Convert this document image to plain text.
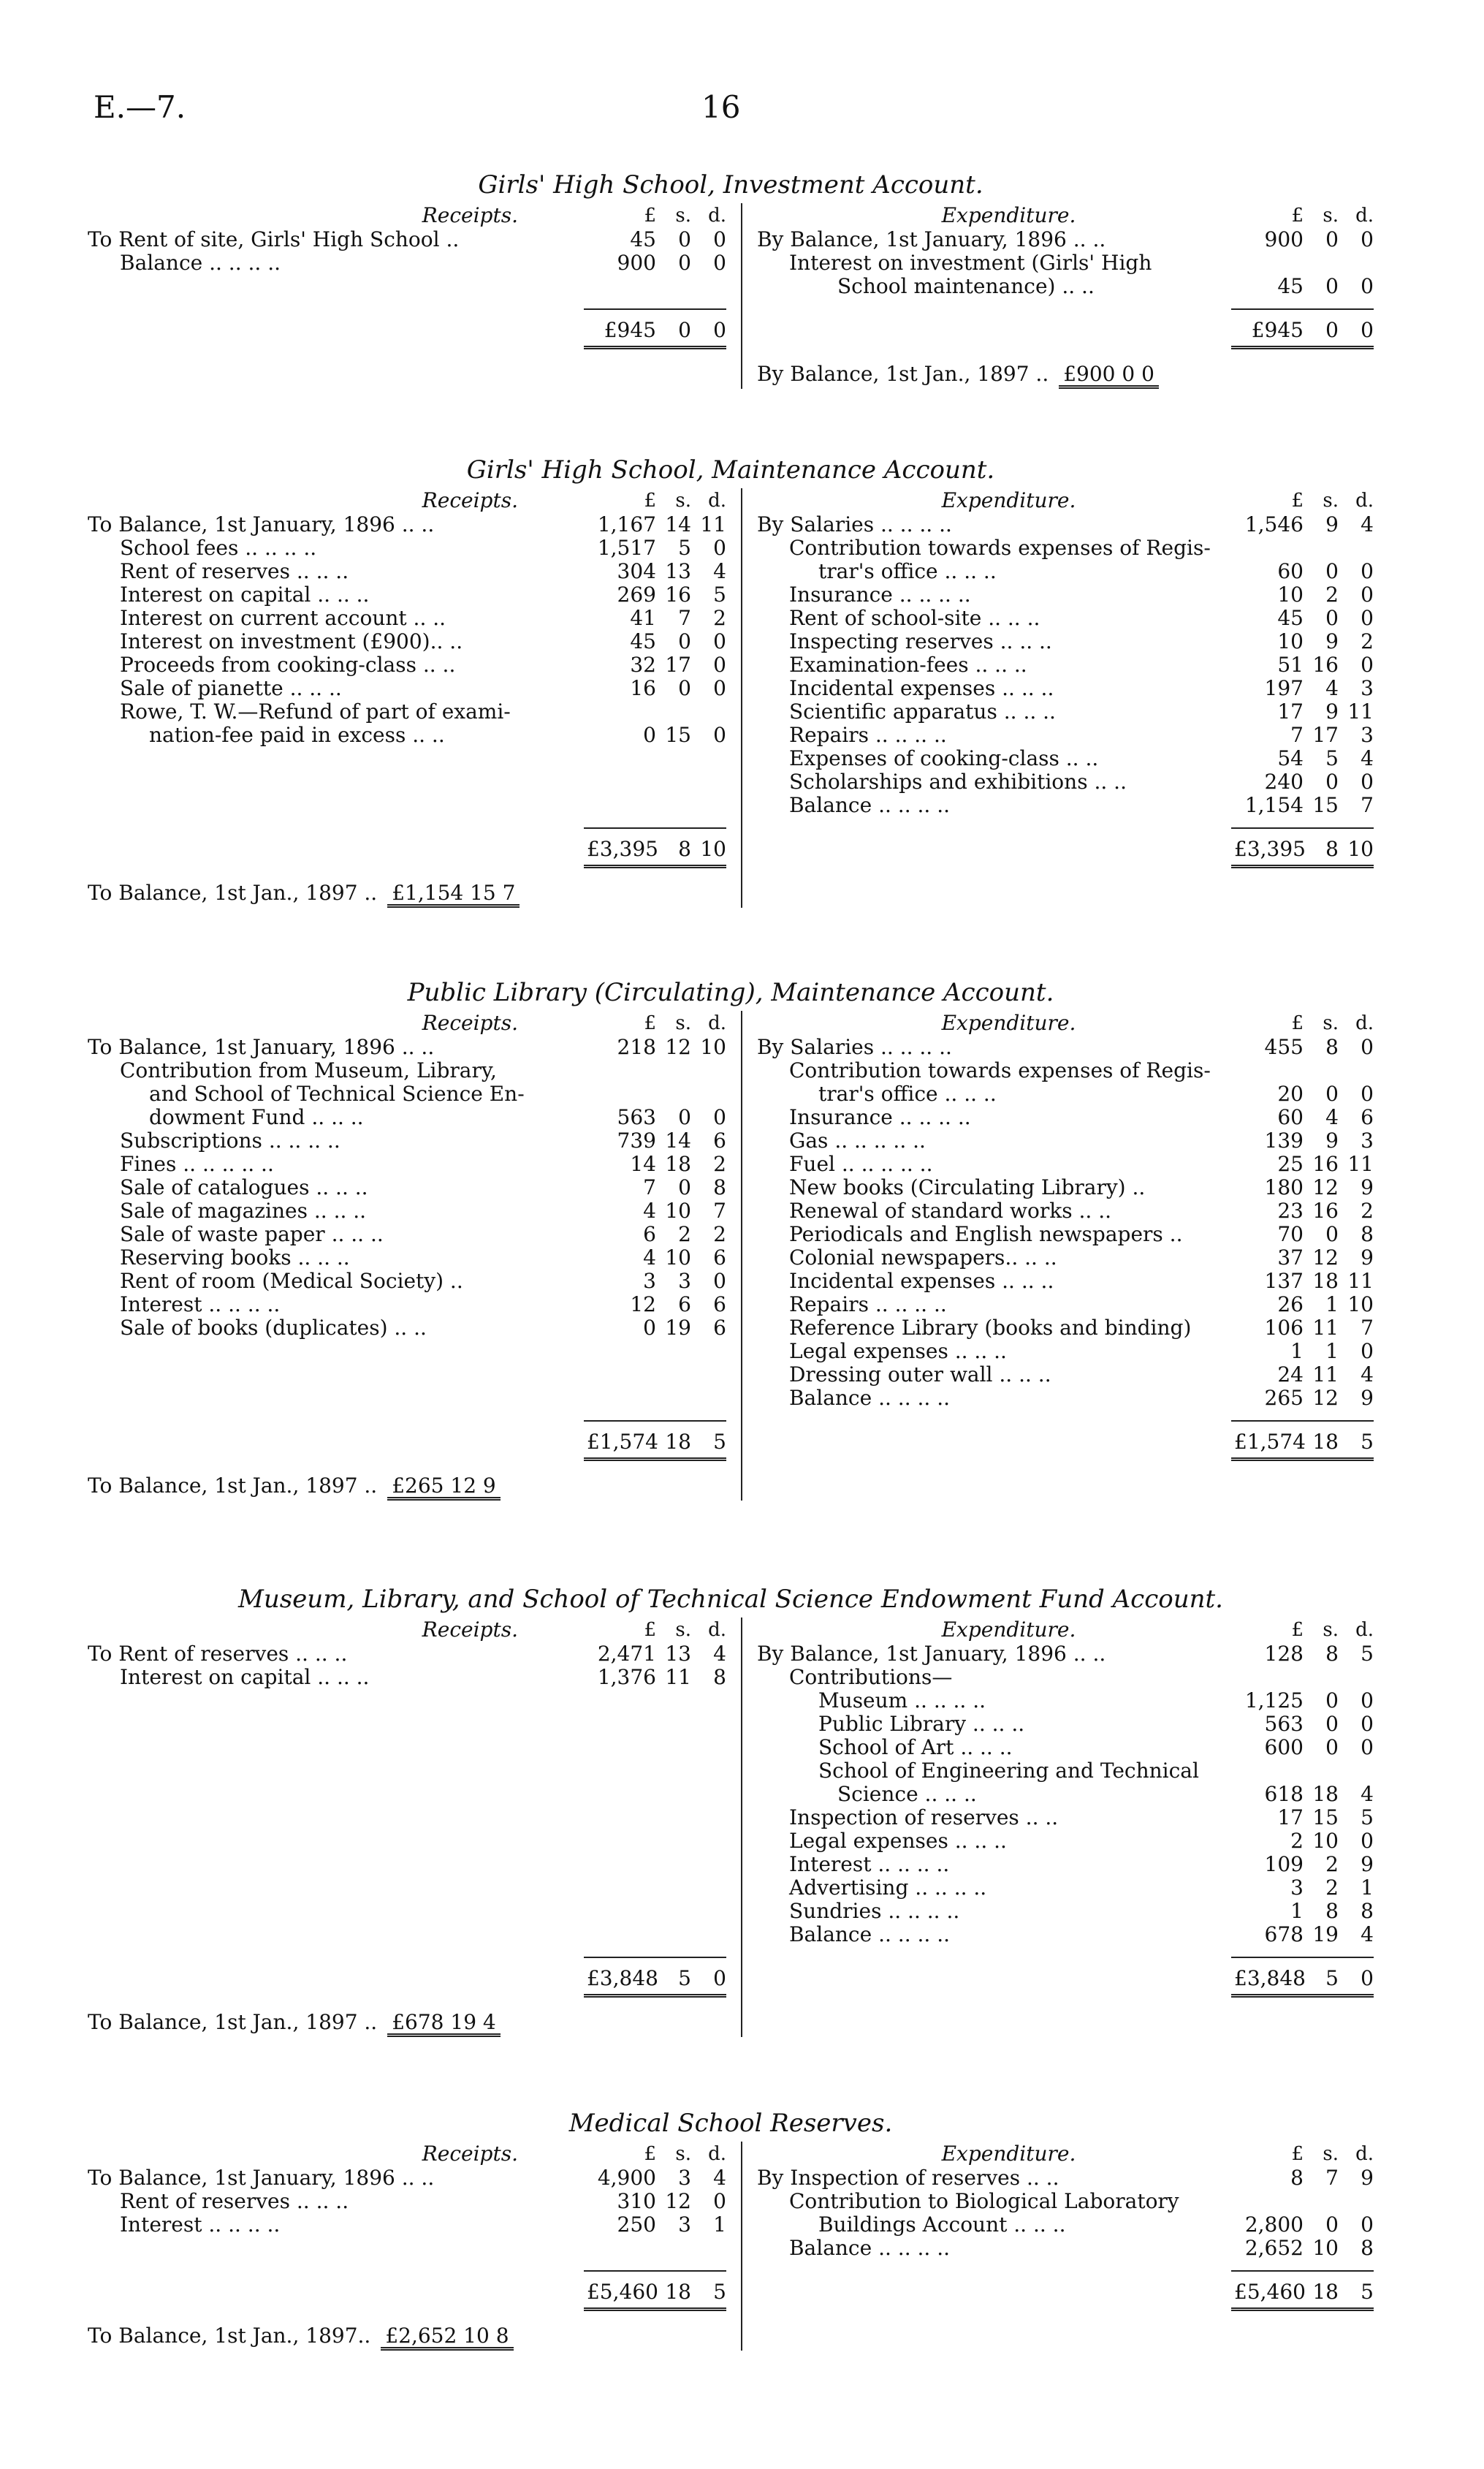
E.—7.	16
Girls' High School, Investment Account.
Receipts.	£	s. d.
To Rent of site, Girls' High School ..	45	0	0
Balance .. .. .. ..	900	0	0
£945	0	0
Expenditure.	£	s. d.
By Balance, 1st January, 1896 .. ..	900	0	0
Interest on investment (Girls' High
School maintenance) .. ..	45	0	0
£945	0	0
By Balance, 1st Jan., 1897 .. £900 0 0
Girls' High School, Maintenance Account.
Receipts.	£	s. d.
To Balance, 1st January, 1896 .. ..	1,167 14 11
School fees .. .. .. ..	1,517	5	0
Rent of reserves .. .. ..	304 13	4
Interest on capital .. .. ..	269 16	5
Interest on current account .. ..	41	7	2
Interest on investment (£900).. ..	45	0	0
Proceeds from cooking-class .. ..	32 17	0
Sale of pianette .. .. ..	16	0	0
Rowe, T. W.—Refund of part of exami-
nation-fee paid in excess .. ..	0 15	0
£3,395 8 10
To Balance, 1st Jan., 1897 .. £1,154 15 7
Expenditure.	£	s. d.
By Salaries .. .. .. ..	1,546	9	4
Contribution towards expenses of Regis-
trar's office .. .. ..	60	0	0
Insurance .. .. .. ..	10	2	0
Rent of school-site .. .. ..	45	0	0
Inspecting reserves .. .. ..	10	9	2
Examination-fees .. .. ..	51 16	0
Incidental expenses .. .. ..	197	4	3
Scientific apparatus .. .. ..	17	9 11
Repairs .. .. .. ..	7 17	3
Expenses of cooking-class .. ..	54	5	4
Scholarships and exhibitions .. ..	240	0	0
Balance .. .. .. ..	1,154 15	7
£3,395 8 10
Public Library (Circulating), Maintenance Account.
Receipts.	£	s. d.
To Balance, 1st January, 1896 .. ..	218 12 10
Contribution from Museum, Library,
and School of Technical Science En-
dowment Fund .. .. ..	563	0	0
Subscriptions .. .. .. ..	739 14	6
Fines .. .. .. .. ..	14 18	2
Sale of catalogues .. .. ..	7	0	8
Sale of magazines .. .. ..	4 10	7
Sale of waste paper .. .. ..	6	2	2
Reserving books .. .. ..	4 10	6
Rent of room (Medical Society) ..	3	3	0
Interest .. .. .. ..	12	6	6
Sale of books (duplicates) .. ..	0 19	6
£1,574 18	5
To Balance, 1st Jan., 1897 .. £265 12 9
Expenditure.	£	s. d.
By Salaries .. .. .. ..	455	8	0
Contribution towards expenses of Regis-
trar's office .. .. ..	20	0	0
Insurance .. .. .. ..	60	4	6
Gas .. .. .. .. ..	139	9	3
Fuel .. .. .. .. ..	25 16 11
New books (Circulating Library) ..	180 12	9
Renewal of standard works .. ..	23 16	2
Periodicals and English newspapers ..	70	0	8
Colonial newspapers.. .. ..	37 12	9
Incidental expenses .. .. ..	137 18 11
Repairs .. .. .. ..	26	1 10
Reference Library (books and binding)	106 11	7
Legal expenses .. .. ..	1	1	0
Dressing outer wall .. .. ..	24 11	4
Balance .. .. .. ..	265 12	9
£1,574 18	5
Museum, Library, and School of Technical Science Endowment Fund Account.
Receipts.	£	s. d.
To Rent of reserves .. .. ..	2,471 13	4
Interest on capital .. .. ..	1,376 11	8
£3,848 5	0
To Balance, 1st Jan., 1897 .. £678 19 4
Expenditure.	£	s. d.
By Balance, 1st January, 1896 .. ..	128	8	5
Contributions—
Museum .. .. .. ..	1,125	0	0
Public Library .. .. ..	563	0	0
School of Art .. .. ..	600	0	0
School of Engineering and Technical
Science .. .. ..	618 18	4
Inspection of reserves .. ..	17 15	5
Legal expenses .. .. ..	2 10	0
Interest .. .. .. ..	109	2	9
Advertising .. .. .. ..	3	2	1
Sundries .. .. .. ..	1	8	8
Balance .. .. .. ..	678 19	4
£3,848 5	0
Medical School Reserves.
Receipts.	£	s. d.
To Balance, 1st January, 1896 .. ..	4,900	3	4
Rent of reserves .. .. ..	310 12	0
Interest .. .. .. ..	250	3	1
£5,460 18	5
To Balance, 1st Jan., 1897.. £2,652 10 8
Expenditure.	£	s. d.
By Inspection of reserves .. ..	8	7	9
Contribution to Biological Laboratory
Buildings Account .. .. ..	2,800	0	0
Balance .. .. .. ..	2,652 10	8
£5,460 18	5
